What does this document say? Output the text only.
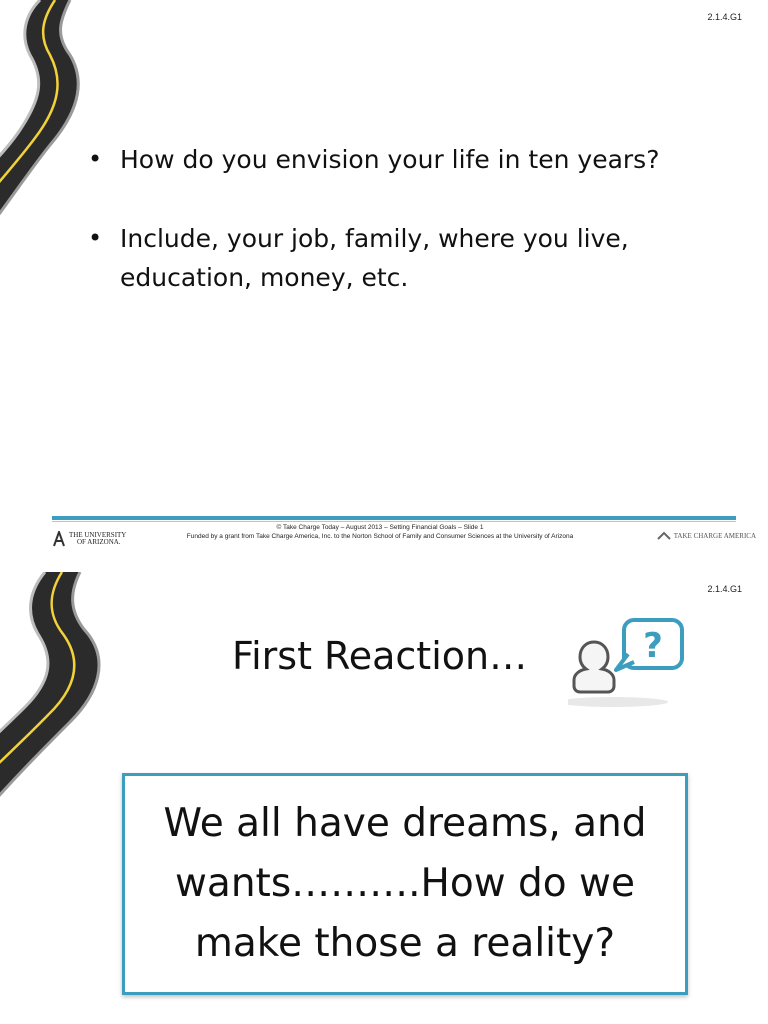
2.1.4.G1
• How do you envision your life in ten years?
• Include, your job, family, where you live, education, money, etc.
THE UNIVERSITY
OF ARIZONA.
© Take Charge Today – August 2013 – Setting Financial Goals – Slide 1
Funded by a grant from Take Charge America, Inc. to the Norton School of Family and Consumer Sciences at the University of Arizona	TAKE CHARGE AMERICA
2.1.4.G1
First Reaction…	?
We all have dreams, and wants……….How do we make those a reality?
